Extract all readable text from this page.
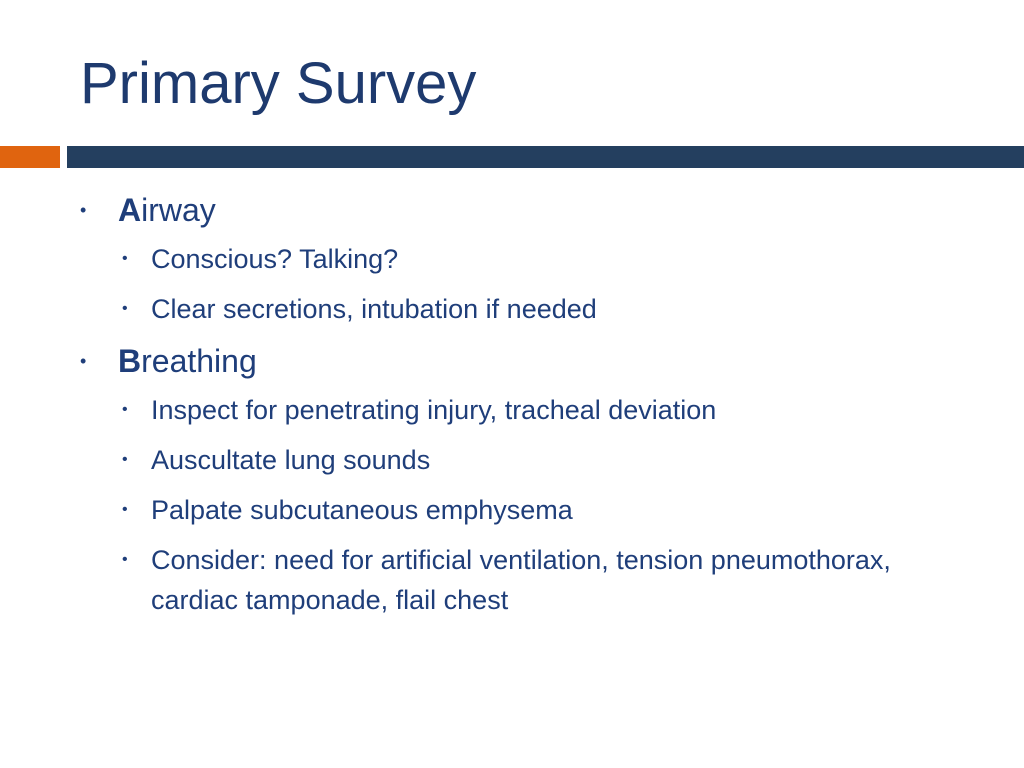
Primary Survey
• Airway
• Conscious? Talking?
• Clear secretions, intubation if needed
• Breathing
• Inspect for penetrating injury, tracheal deviation
• Auscultate lung sounds
• Palpate subcutaneous emphysema
• Consider: need for artificial ventilation, tension pneumothorax, cardiac tamponade, flail chest
